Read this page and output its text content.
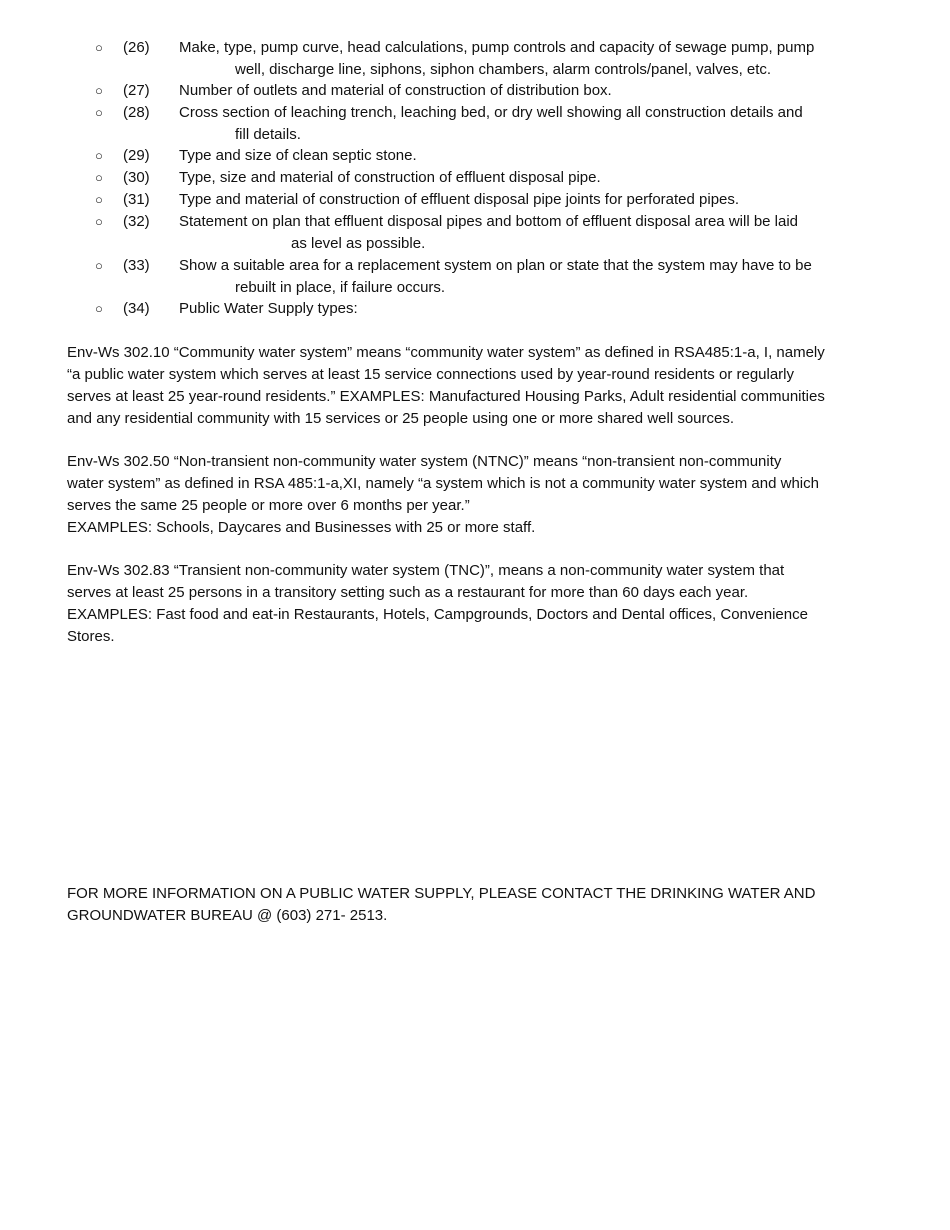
○ (26) Make, type, pump curve, head calculations, pump controls and capacity of sewage pump, pump
well, discharge line, siphons, siphon chambers, alarm controls/panel, valves, etc.
○ (27) Number of outlets and material of construction of distribution box.
○ (28) Cross section of leaching trench, leaching bed, or dry well showing all construction details and
fill details.
○ (29) Type and size of clean septic stone.
○ (30) Type, size and material of construction of effluent disposal pipe.
○ (31) Type and material of construction of effluent disposal pipe joints for perforated pipes.
○ (32) Statement on plan that effluent disposal pipes and bottom of effluent disposal area will be laid
as level as possible.
○ (33) Show a suitable area for a replacement system on plan or state that the system may have to be
rebuilt in place, if failure occurs.
○ (34) Public Water Supply types:
Env-Ws 302.10 “Community water system” means “community water system” as defined in RSA485:1-a, I, namely
“a public water system which serves at least 15 service connections used by year-round residents or regularly
serves at least 25 year-round residents.” EXAMPLES: Manufactured Housing Parks, Adult residential communities
and any residential community with 15 services or 25 people using one or more shared well sources.
Env-Ws 302.50 “Non-transient non-community water system (NTNC)” means “non-transient non-community
water system” as defined in RSA 485:1-a,XI, namely “a system which is not a community water system and which
serves the same 25 people or more over 6 months per year.”
EXAMPLES: Schools, Daycares and Businesses with 25 or more staff.
Env-Ws 302.83 “Transient non-community water system (TNC)”, means a non-community water system that
serves at least 25 persons in a transitory setting such as a restaurant for more than 60 days each year.
EXAMPLES: Fast food and eat-in Restaurants, Hotels, Campgrounds, Doctors and Dental offices, Convenience
Stores.
FOR MORE INFORMATION ON A PUBLIC WATER SUPPLY, PLEASE CONTACT THE DRINKING WATER AND
GROUNDWATER BUREAU @ (603) 271- 2513.
